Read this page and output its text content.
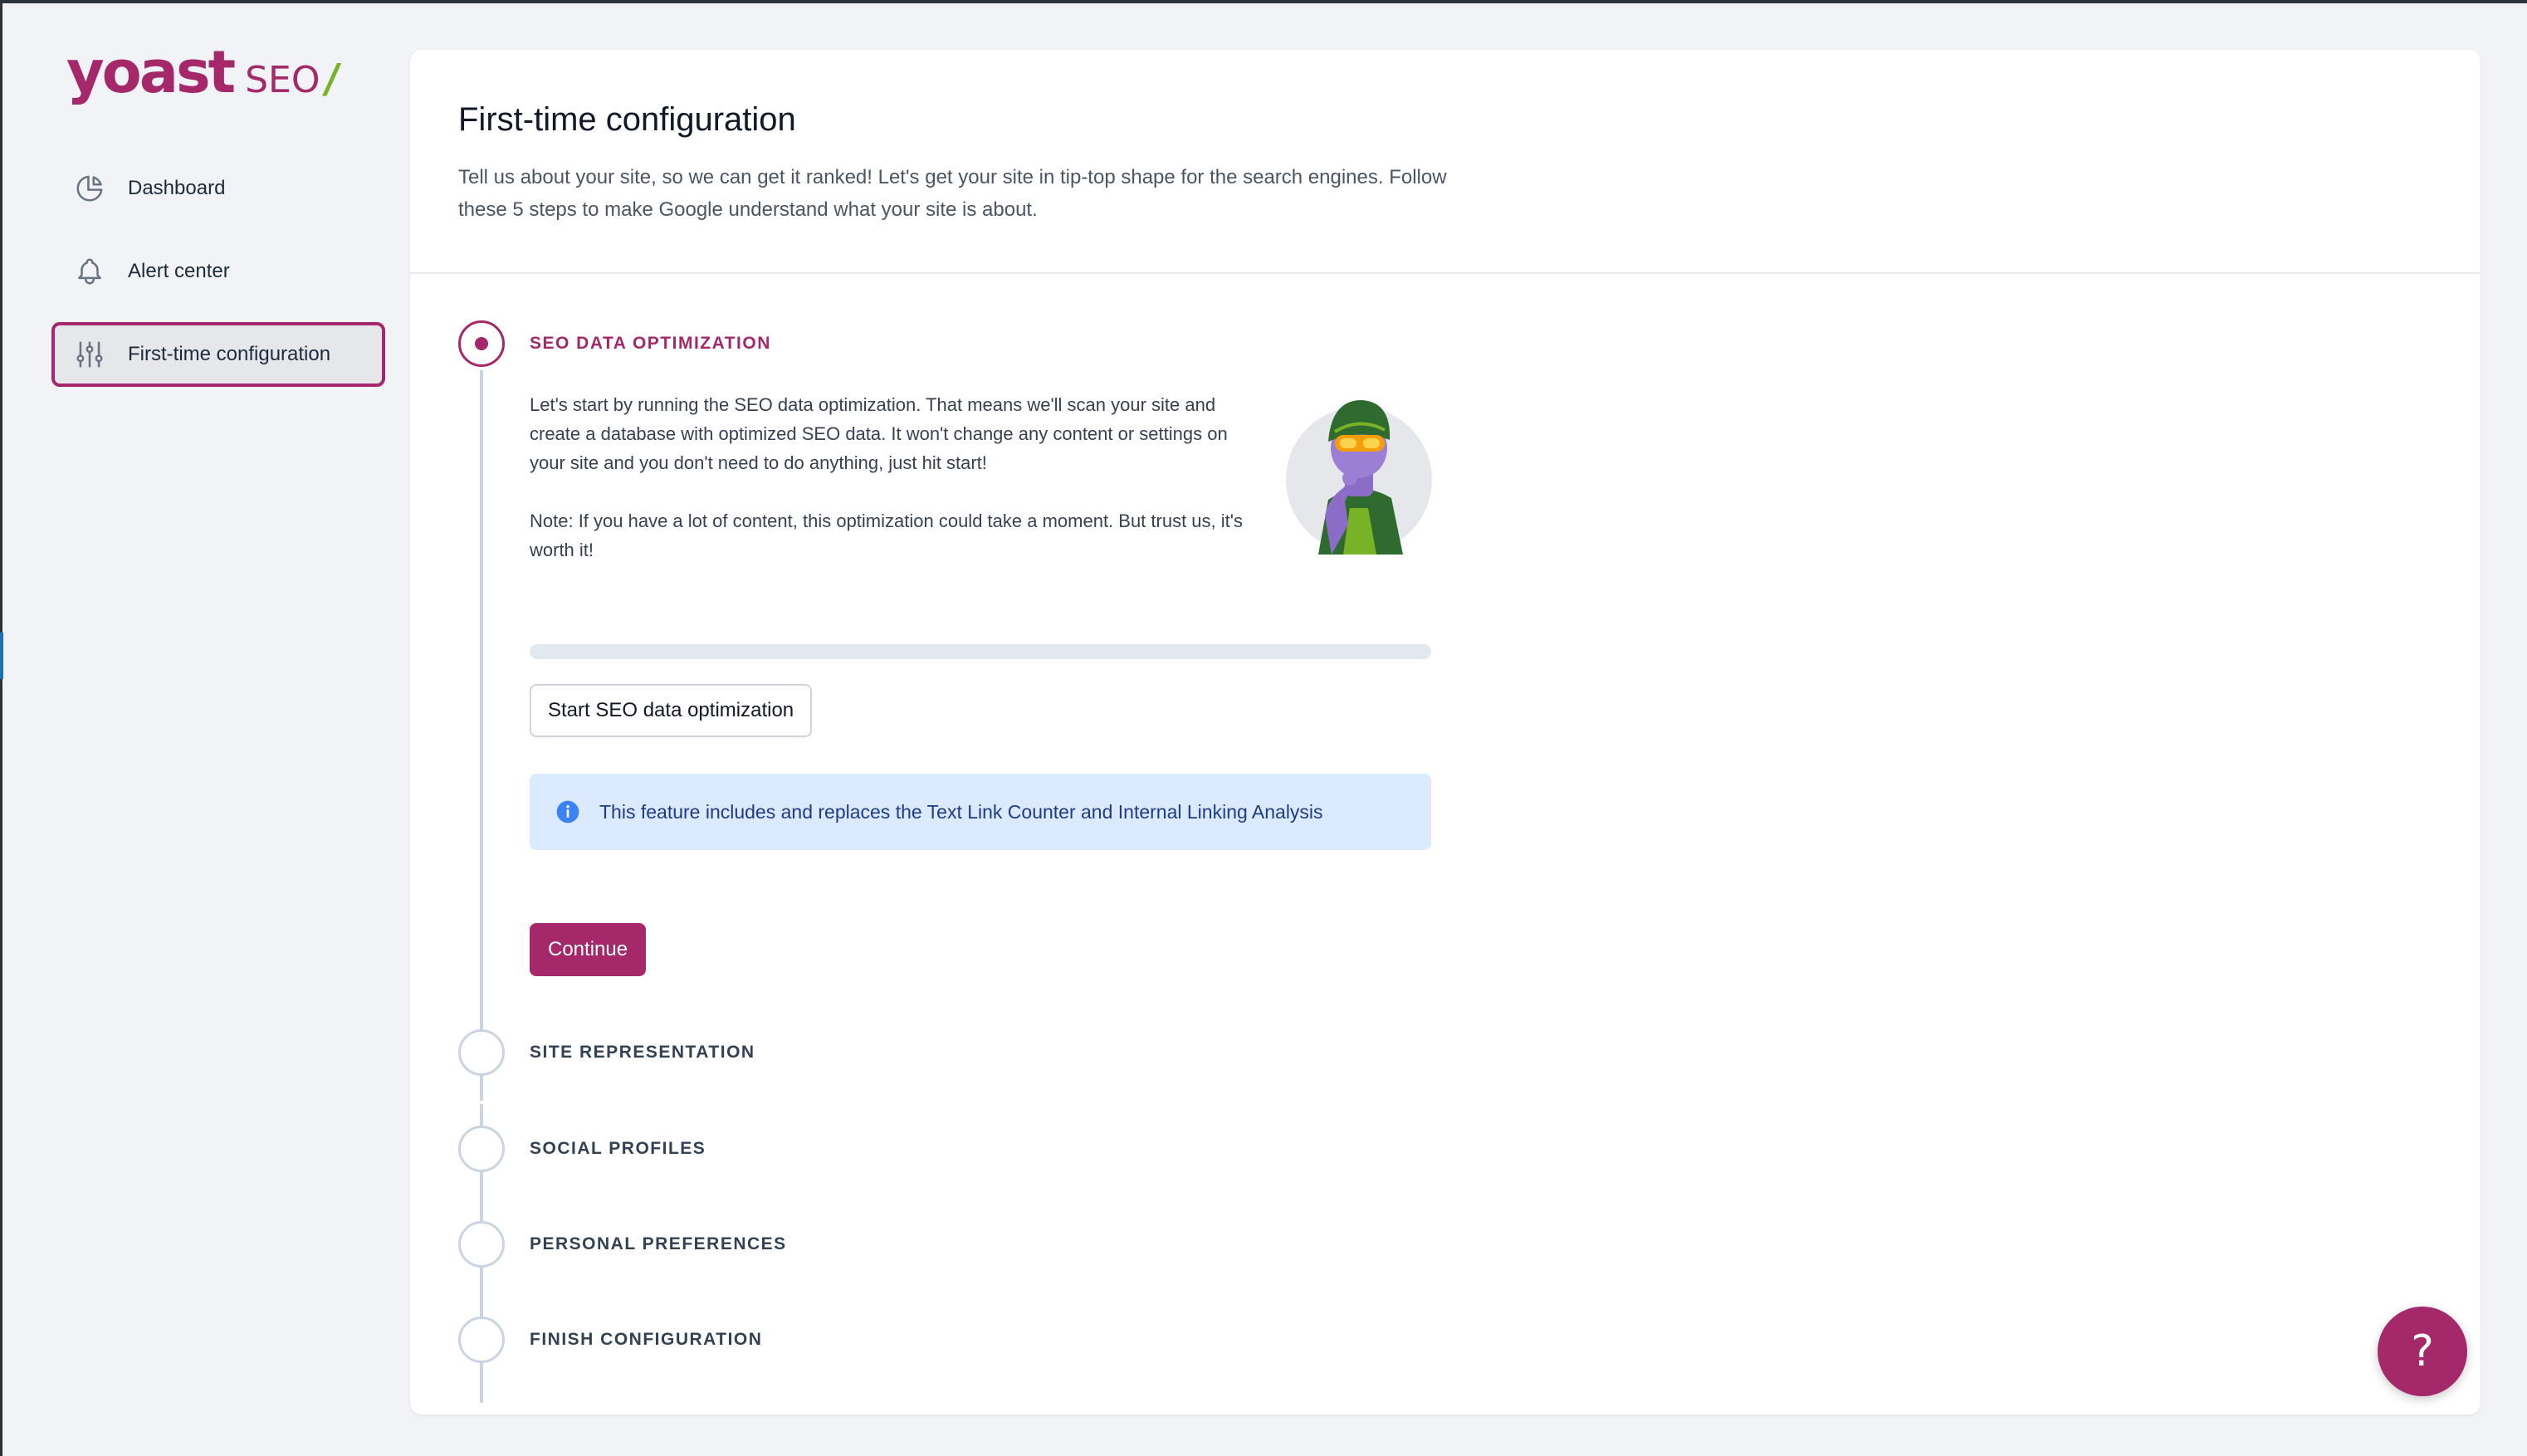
yoast SEO /
Dashboard
Alert center
First-time configuration
First-time configuration
Tell us about your site, so we can get it ranked! Let's get your site in tip-top shape for the search engines. Follow these 5 steps to make Google understand what your site is about.
SEO DATA OPTIMIZATION
SITE REPRESENTATION
SOCIAL PROFILES
PERSONAL PREFERENCES
FINISH CONFIGURATION

Let's start by running the SEO data optimization. That means we'll scan your site and create a database with optimized SEO data. It won't change any content or settings on your site and you don't need to do anything, just hit start!

Note: If you have a lot of content, this optimization could take a moment. But trust us, it's worth it!

Start SEO data optimization
This feature includes and replaces the Text Link Counter and Internal Linking Analysis
Continue
?
